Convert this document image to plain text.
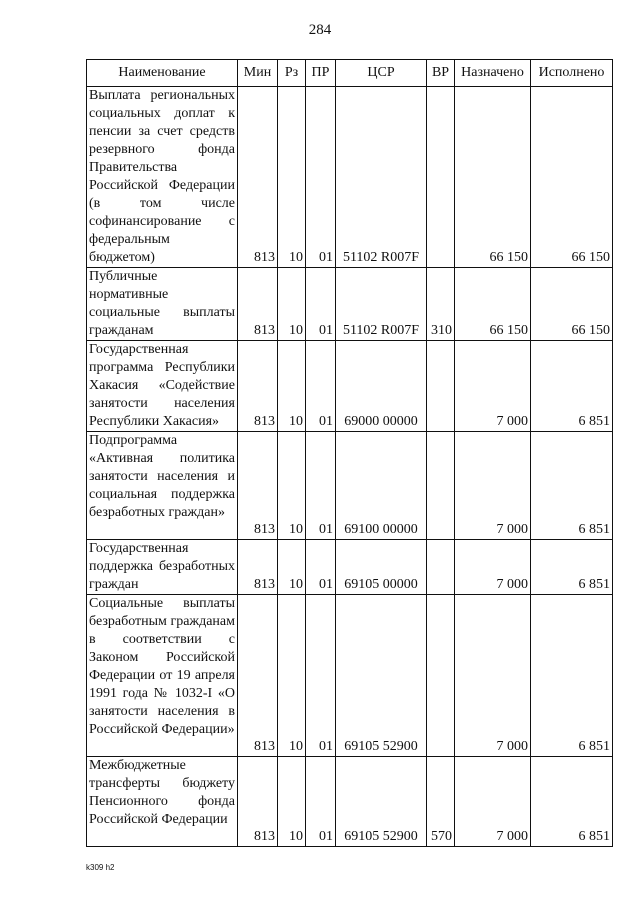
284
Наименование	Мин	Рз	ПР	ЦСР	ВР	Назначено	Исполнено
Выплата региональных социальных доплат к пенсии за счет средств резервного фонда Правительства Российской Федерации (в том числе софинансирование с федеральным бюджетом)	813	10	01	51102 R007F		66 150	66 150
Публичные нормативные социальные выплаты гражданам	813	10	01	51102 R007F	310	66 150	66 150
Государственная программа Республики Хакасия «Содействие занятости населения Республики Хакасия»	813	10	01	69000 00000		7 000	6 851
Подпрограмма «Активная политика занятости населения и социальная поддержка безработных граждан»	813	10	01	69100 00000		7 000	6 851
Государственная поддержка безработных граждан	813	10	01	69105 00000		7 000	6 851
Социальные выплаты безработным гражданам в соответствии с Законом Российской Федерации от 19 апреля 1991 года № 1032-I «О занятости населения в Российской Федерации»	813	10	01	69105 52900		7 000	6 851
Межбюджетные трансферты бюджету Пенсионного фонда Российской Федерации	813	10	01	69105 52900	570	7 000	6 851
k309 h2
